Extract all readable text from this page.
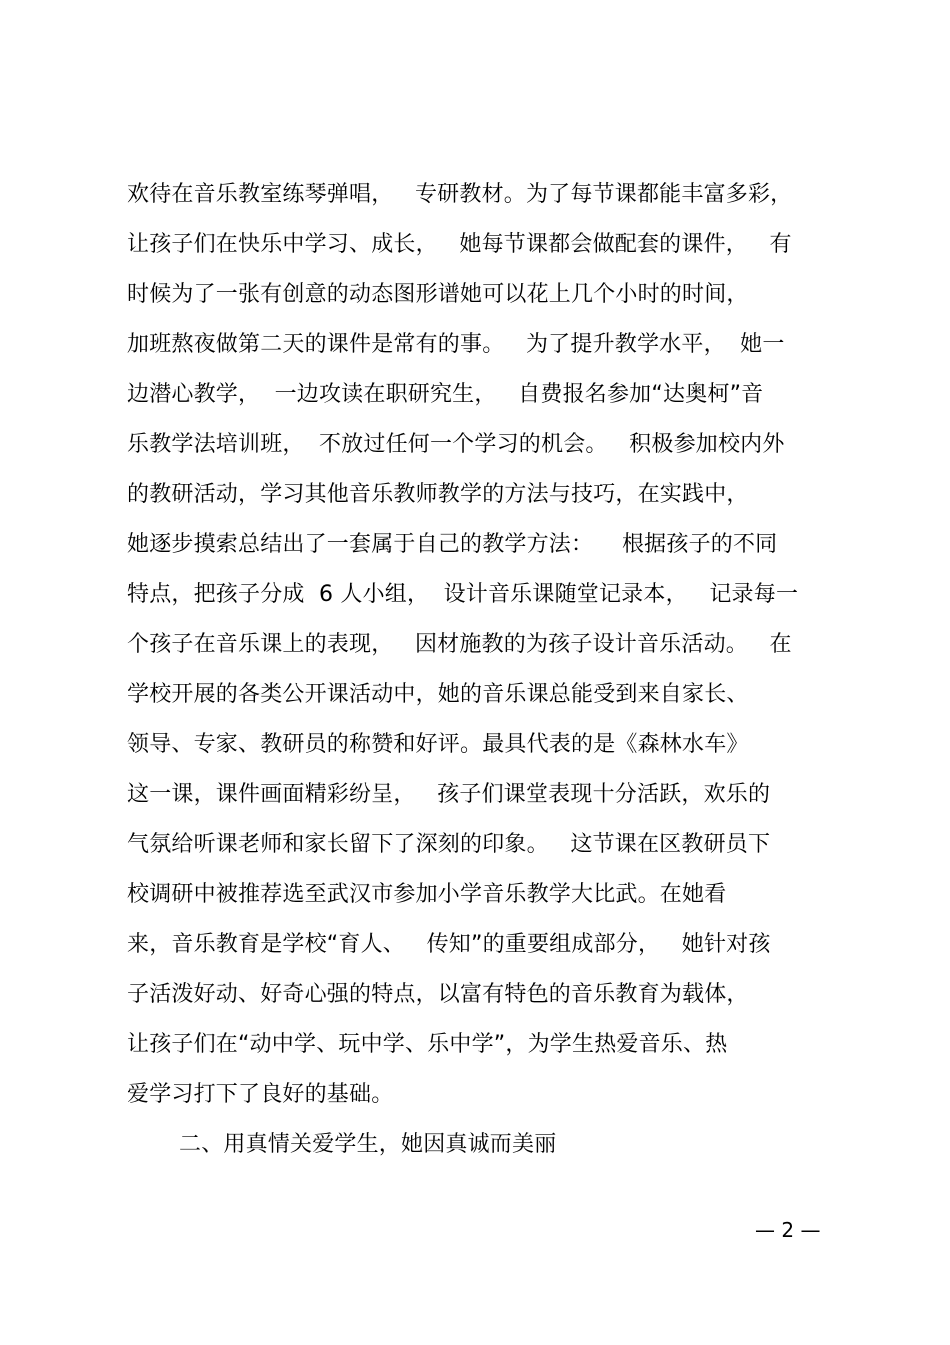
欢待在音乐教室练琴弹唱，   专研教材。为了每节课都能丰富多彩，
让孩子们在快乐中学习、成长，   她每节课都会做配套的课件，   有
时候为了一张有创意的动态图形谱她可以花上几个小时的时间，
加班熬夜做第二天的课件是常有的事。   为了提升教学水平，  她一
边潜心教学，  一边攻读在职研究生，   自费报名参加“达奥柯”音
乐教学法培训班，  不放过任何一个学习的机会。   积极参加校内外
的教研活动，学习其他音乐教师教学的方法与技巧，在实践中，
她逐步摸索总结出了一套属于自己的教学方法：    根据孩子的不同
特点，把孩子分成  6 人小组，  设计音乐课随堂记录本，   记录每一
个孩子在音乐课上的表现，   因材施教的为孩子设计音乐活动。   在
学校开展的各类公开课活动中，她的音乐课总能受到来自家长、
领导、专家、教研员的称赞和好评。最具代表的是《森林水车》
这一课，课件画面精彩纷呈，   孩子们课堂表现十分活跃，欢乐的
气氛给听课老师和家长留下了深刻的印象。   这节课在区教研员下
校调研中被推荐选至武汉市参加小学音乐教学大比武。在她看
来，音乐教育是学校“育人、   传知”的重要组成部分，   她针对孩
子活泼好动、好奇心强的特点，以富有特色的音乐教育为载体，
让孩子们在“动中学、玩中学、乐中学”，为学生热爱音乐、热
爱学习打下了良好的基础。
二、用真情关爱学生，她因真诚而美丽
— 2 —
